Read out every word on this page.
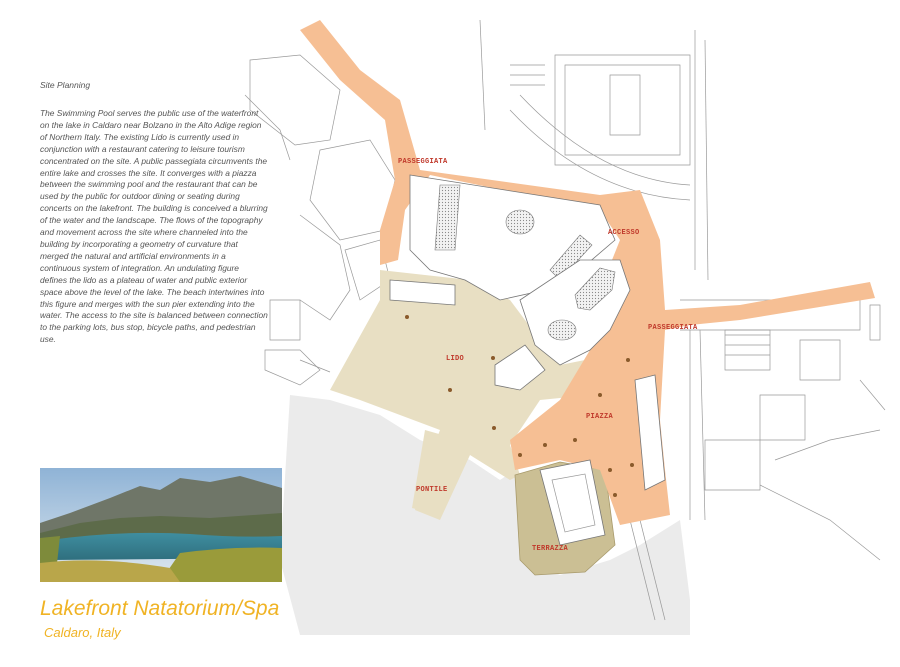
PASSEGGIATA
ACCESSO
PASSEGGIATA
LIDO
PIAZZA
PONTILE
TERRAZZA
Site Planning
The Swimming Pool serves the public use of the waterfront on the lake in Caldaro near Bolzano in the Alto Adige region of Northern Italy. The existing Lido is currently used in conjunction with a restaurant catering to leisure tourism concentrated on the site. A public passegiata circumvents the entire lake and crosses the site. It converges with a piazza between the swimming pool and the restaurant that can be used by the public for outdoor dining or seating during concerts on the lakefront. The building is conceived a blurring of the water and the landscape. The flows of the topography and movement across the site where channeled into the building by incorporating a geometry of curvature that merged the natural and artificial environments in a continuous system of integration. An undulating figure defines the lido as a plateau of water and public exterior space above the level of the lake. The beach intertwines into this figure and merges with the sun pier extending into the water. The access to the site is balanced between connection to the parking lots, bus stop, bicycle paths, and pedestrian use.
Lakefront Natatorium/Spa
Caldaro, Italy
